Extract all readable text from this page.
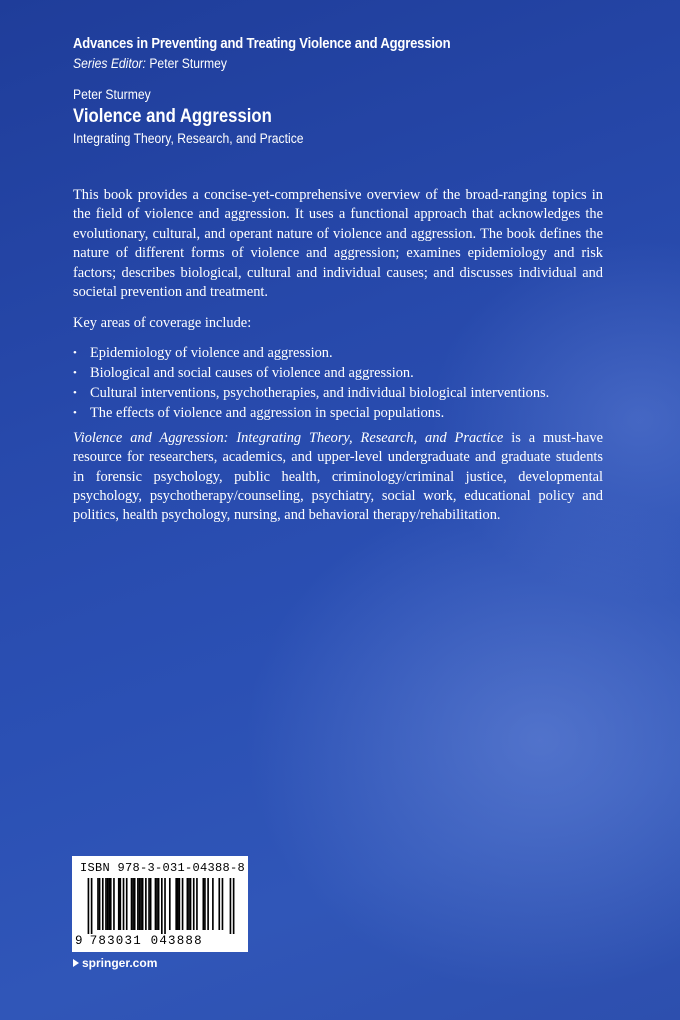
Advances in Preventing and Treating Violence and Aggression
Series Editor: Peter Sturmey
Peter Sturmey
Violence and Aggression
Integrating Theory, Research, and Practice

This book provides a concise-yet-comprehensive overview of the broad-ranging topics in the field of violence and aggression. It uses a functional approach that acknowledges the evolutionary, cultural, and operant nature of violence and aggression. The book defines the nature of different forms of violence and aggression; examines epidemiology and risk factors; describes biological, cultural and individual causes; and discusses individual and societal prevention and treatment.

Key areas of coverage include:

• Epidemiology of violence and aggression.
• Biological and social causes of violence and aggression.
• Cultural interventions, psychotherapies, and individual biological interventions.
• The effects of violence and aggression in special populations.

Violence and Aggression: Integrating Theory, Research, and Practice is a must-have resource for researchers, academics, and upper-level undergraduate and graduate students in forensic psychology, public health, criminology/criminal justice, developmental psychology, psychotherapy/counseling, psychiatry, social work, educational policy and politics, health psychology, nursing, and behavioral therapy/rehabilitation.

ISBN 978-3-031-04388-8
9 783031 043888
springer.com
